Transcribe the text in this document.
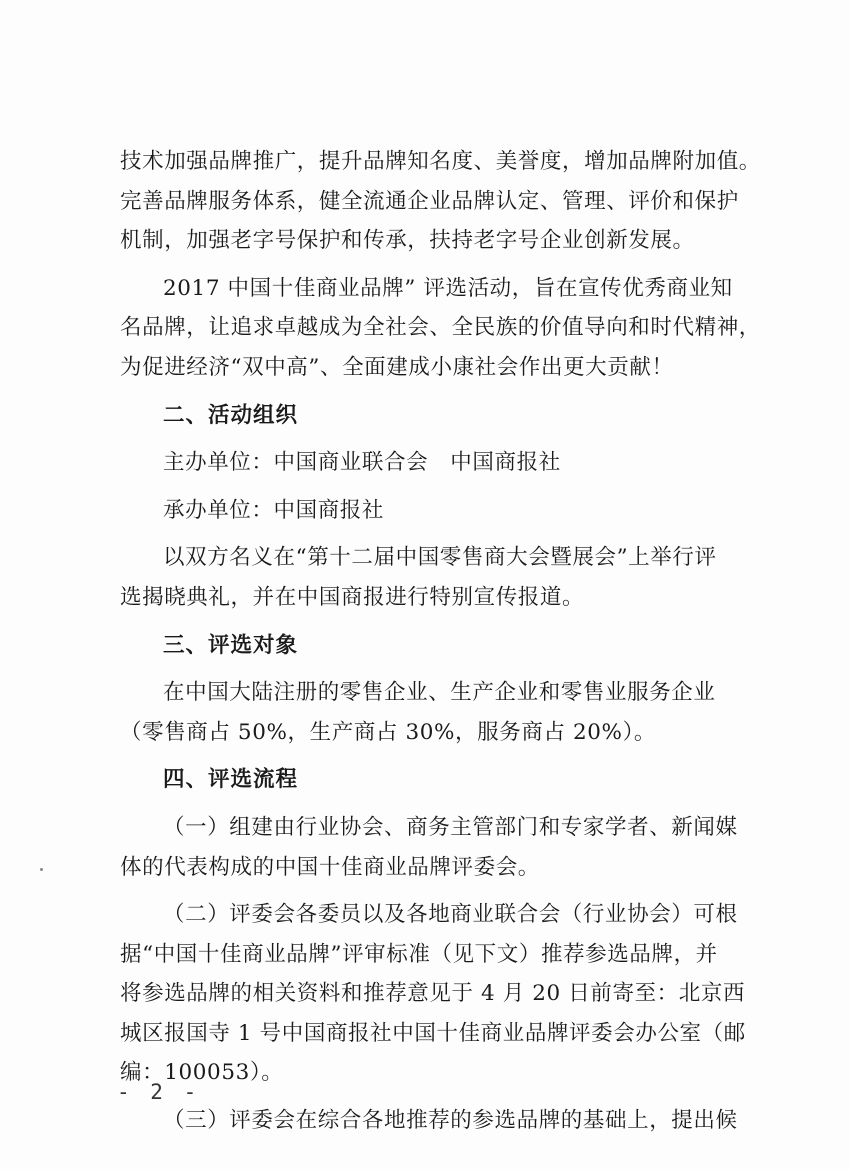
技术加强品牌推广，提升品牌知名度、美誉度，增加品牌附加值。
完善品牌服务体系，健全流通企业品牌认定、管理、评价和保护
机制，加强老字号保护和传承，扶持老字号企业创新发展。
2017 中国十佳商业品牌” 评选活动，旨在宣传优秀商业知
名品牌，让追求卓越成为全社会、全民族的价值导向和时代精神，
为促进经济“双中高”、全面建成小康社会作出更大贡献！
二、活动组织
主办单位：中国商业联合会　中国商报社
承办单位：中国商报社
以双方名义在“第十二届中国零售商大会暨展会”上举行评
选揭晓典礼，并在中国商报进行特别宣传报道。
三、评选对象
在中国大陆注册的零售企业、生产企业和零售业服务企业
（零售商占 50%，生产商占 30%，服务商占 20%）。
四、评选流程
（一）组建由行业协会、商务主管部门和专家学者、新闻媒
体的代表构成的中国十佳商业品牌评委会。
（二）评委会各委员以及各地商业联合会（行业协会）可根
据“中国十佳商业品牌”评审标准（见下文）推荐参选品牌，并
将参选品牌的相关资料和推荐意见于 4 月 20 日前寄至：北京西
城区报国寺 1 号中国商报社中国十佳商业品牌评委会办公室（邮
编：100053）。
（三）评委会在综合各地推荐的参选品牌的基础上，提出候
- 2 -
